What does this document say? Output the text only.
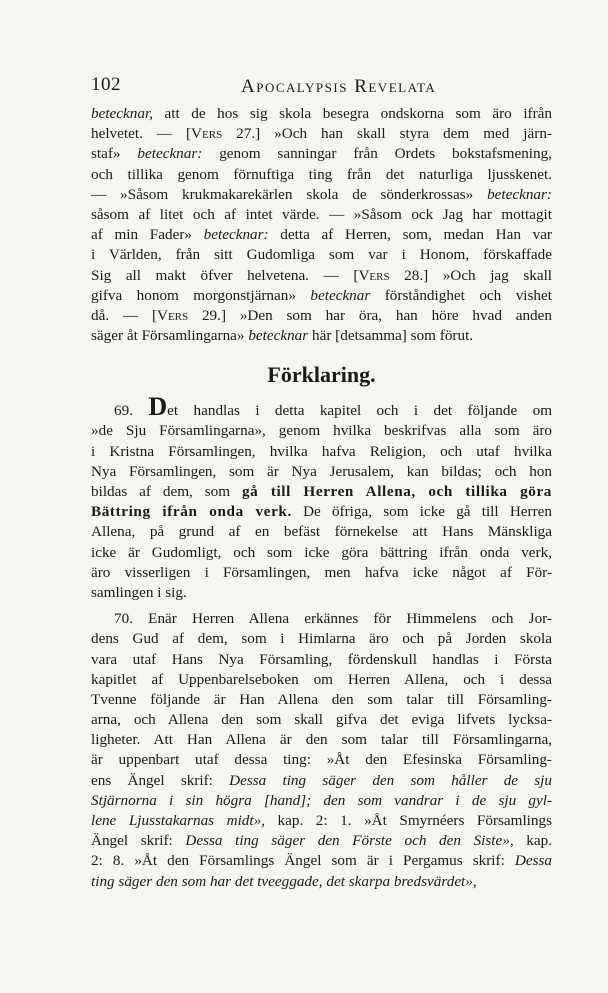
102	Apocalypsis Revelata
betecknar, att de hos sig skola besegra ondskorna som äro ifrån
helvetet. — [Vers 27.] »Och han skall styra dem med järn-
staf» betecknar: genom sanningar från Ordets bokstafsmening,
och tillika genom förnuftiga ting från det naturliga ljusskenet.
— »Såsom krukmakarekärlen skola de sönderkrossas» betecknar:
såsom af litet och af intet värde. — »Såsom ock Jag har mottagit
af min Fader» betecknar: detta af Herren, som, medan Han var
i Världen, från sitt Gudomliga som var i Honom, förskaffade
Sig all makt öfver helvetena. — [Vers 28.] »Och jag skall
gifva honom morgonstjärnan» betecknar förståndighet och vishet
då. — [Vers 29.] »Den som har öra, han höre hvad anden
säger åt Församlingarna» betecknar här [detsamma] som förut.
Förklaring.
69. Det handlas i detta kapitel och i det följande om
»de Sju Församlingarna», genom hvilka beskrifvas alla som äro
i Kristna Församlingen, hvilka hafva Religion, och utaf hvilka
Nya Församlingen, som är Nya Jerusalem, kan bildas; och hon
bildas af dem, som gå till Herren Allena, och tillika göra
Bättring ifrån onda verk. De öfriga, som icke gå till Herren
Allena, på grund af en befäst förnekelse att Hans Mänskliga
icke är Gudomligt, och som icke göra bättring ifrån onda verk,
äro visserligen i Församlingen, men hafva icke något af För-
samlingen i sig.
70. Enär Herren Allena erkännes för Himmelens och Jor-
dens Gud af dem, som i Himlarna äro och på Jorden skola
vara utaf Hans Nya Församling, fördenskull handlas i Första
kapitlet af Uppenbarelseboken om Herren Allena, och i dessa
Tvenne följande är Han Allena den som talar till Församling-
arna, och Allena den som skall gifva det eviga lifvets lycksa-
ligheter. Att Han Allena är den som talar till Församlingarna,
är uppenbart utaf dessa ting: »Åt den Efesinska Församling-
ens Ängel skrif: Dessa ting säger den som håller de sju
Stjärnorna i sin högra [hand]; den som vandrar i de sju gyl-
lene Ljusstakarnas midt», kap. 2: 1. »Åt Smyrnéers Församlings
Ängel skrif: Dessa ting säger den Förste och den Siste», kap.
2: 8. »Åt den Församlings Ängel som är i Pergamus skrif: Dessa
ting säger den som har det tveeggade, det skarpa bredsvärdet»,
